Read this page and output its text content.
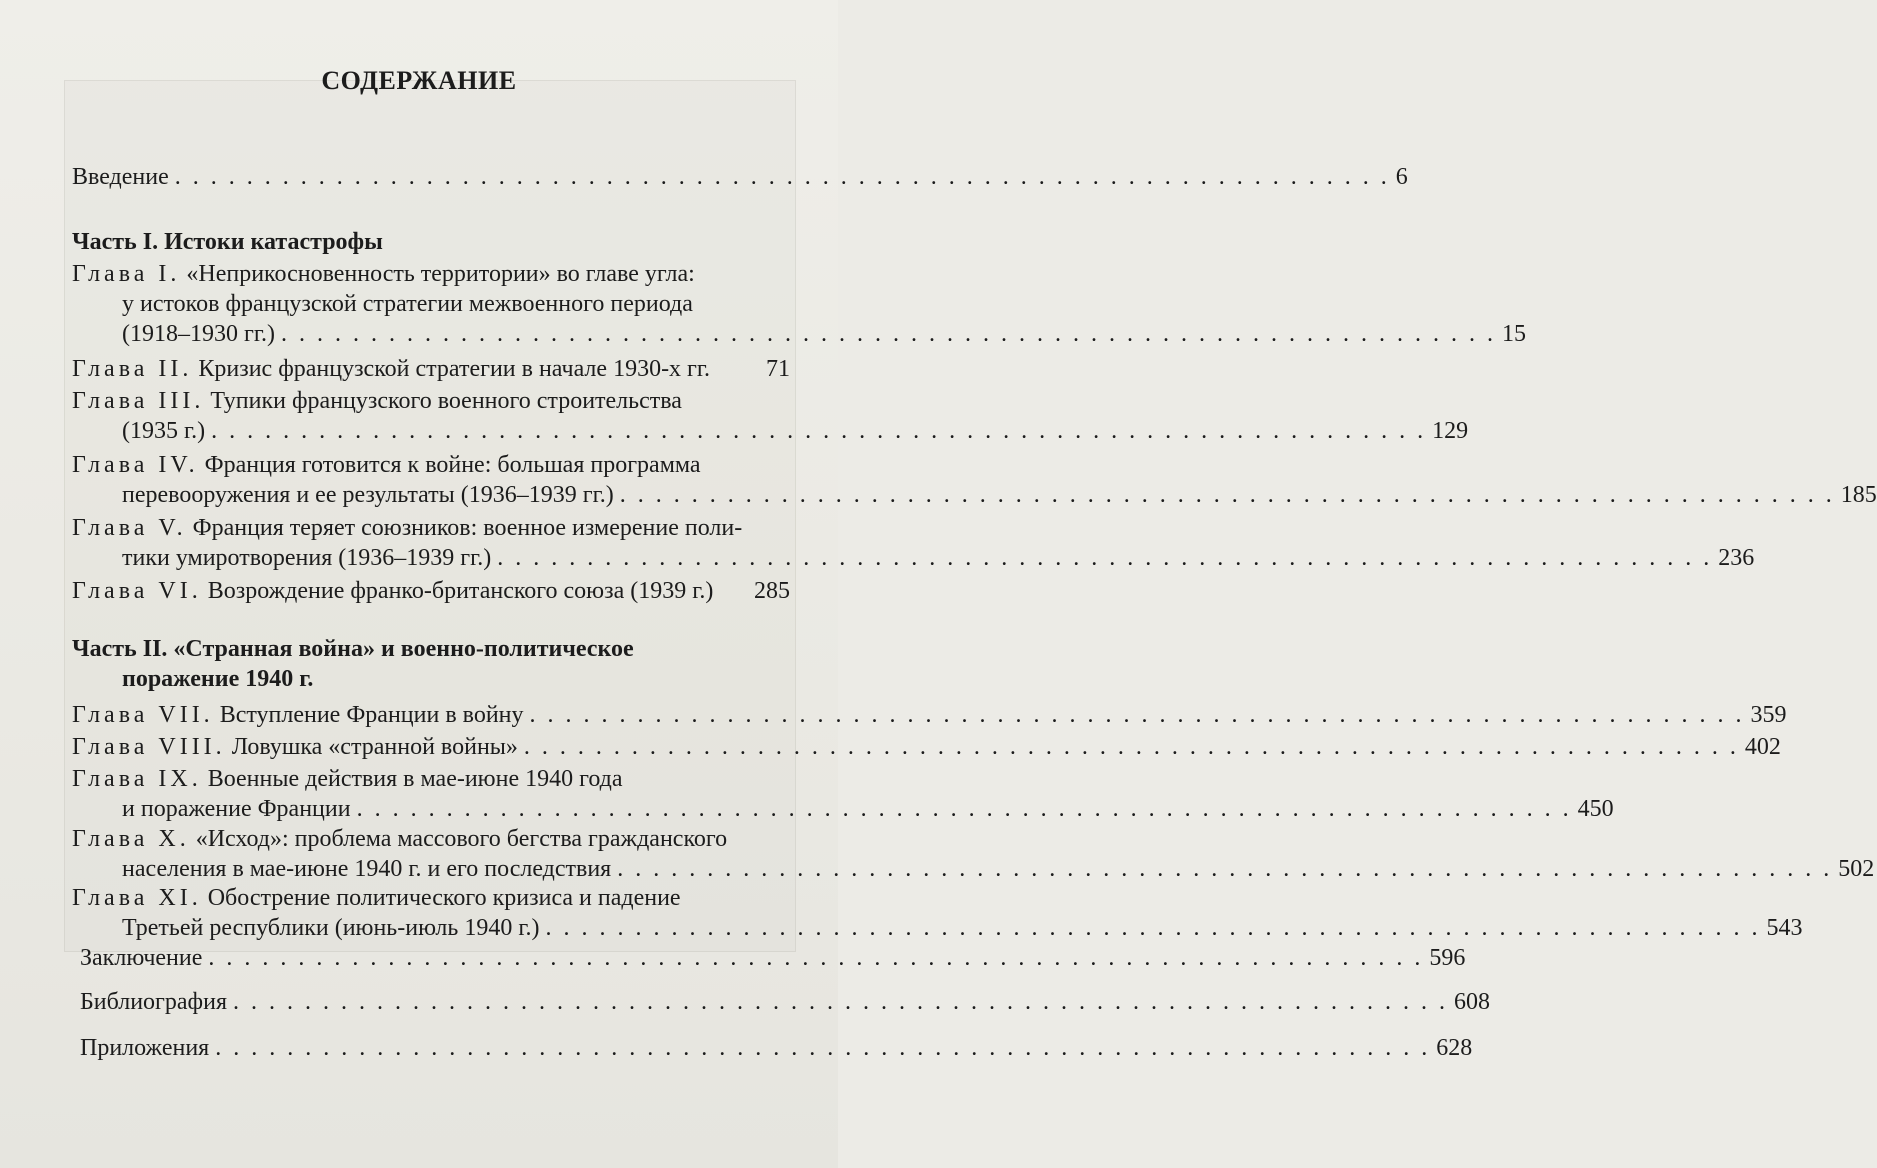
СОДЕРЖАНИЕ
Введение . . .	6
Часть I. Истоки катастрофы
Глава I. «Неприкосновенность территории» во главе угла:
у истоков французской стратегии межвоенного периода
(1918–1930 гг.) . . .	15
Глава II. Кризис французской стратегии в начале 1930-х гг. 71
Глава III. Тупики французского военного строительства
(1935 г.) . . .	129
Глава IV. Франция готовится к войне: большая программа
перевооружения и ее результаты (1936–1939 гг.) . . .	185
Глава V. Франция теряет союзников: военное измерение поли-
тики умиротворения (1936–1939 гг.) . . .	236
Глава VI. Возрождение франко-британского союза (1939 г.) 285
Часть II. «Странная война» и военно-политическое
поражение 1940 г.
Глава VII. Вступление Франции в войну . . .	359
Глава VIII. Ловушка «странной войны» . . .	402
Глава IX. Военные действия в мае-июне 1940 года
и поражение Франции . . .	450
Глава X. «Исход»: проблема массового бегства гражданского
населения в мае-июне 1940 г. и его последствия . . .	502
Глава XI. Обострение политического кризиса и падение
Третьей республики (июнь-июль 1940 г.) . . .	543
Заключение . . .	596
Библиография . . .	608
Приложения . . .	628
